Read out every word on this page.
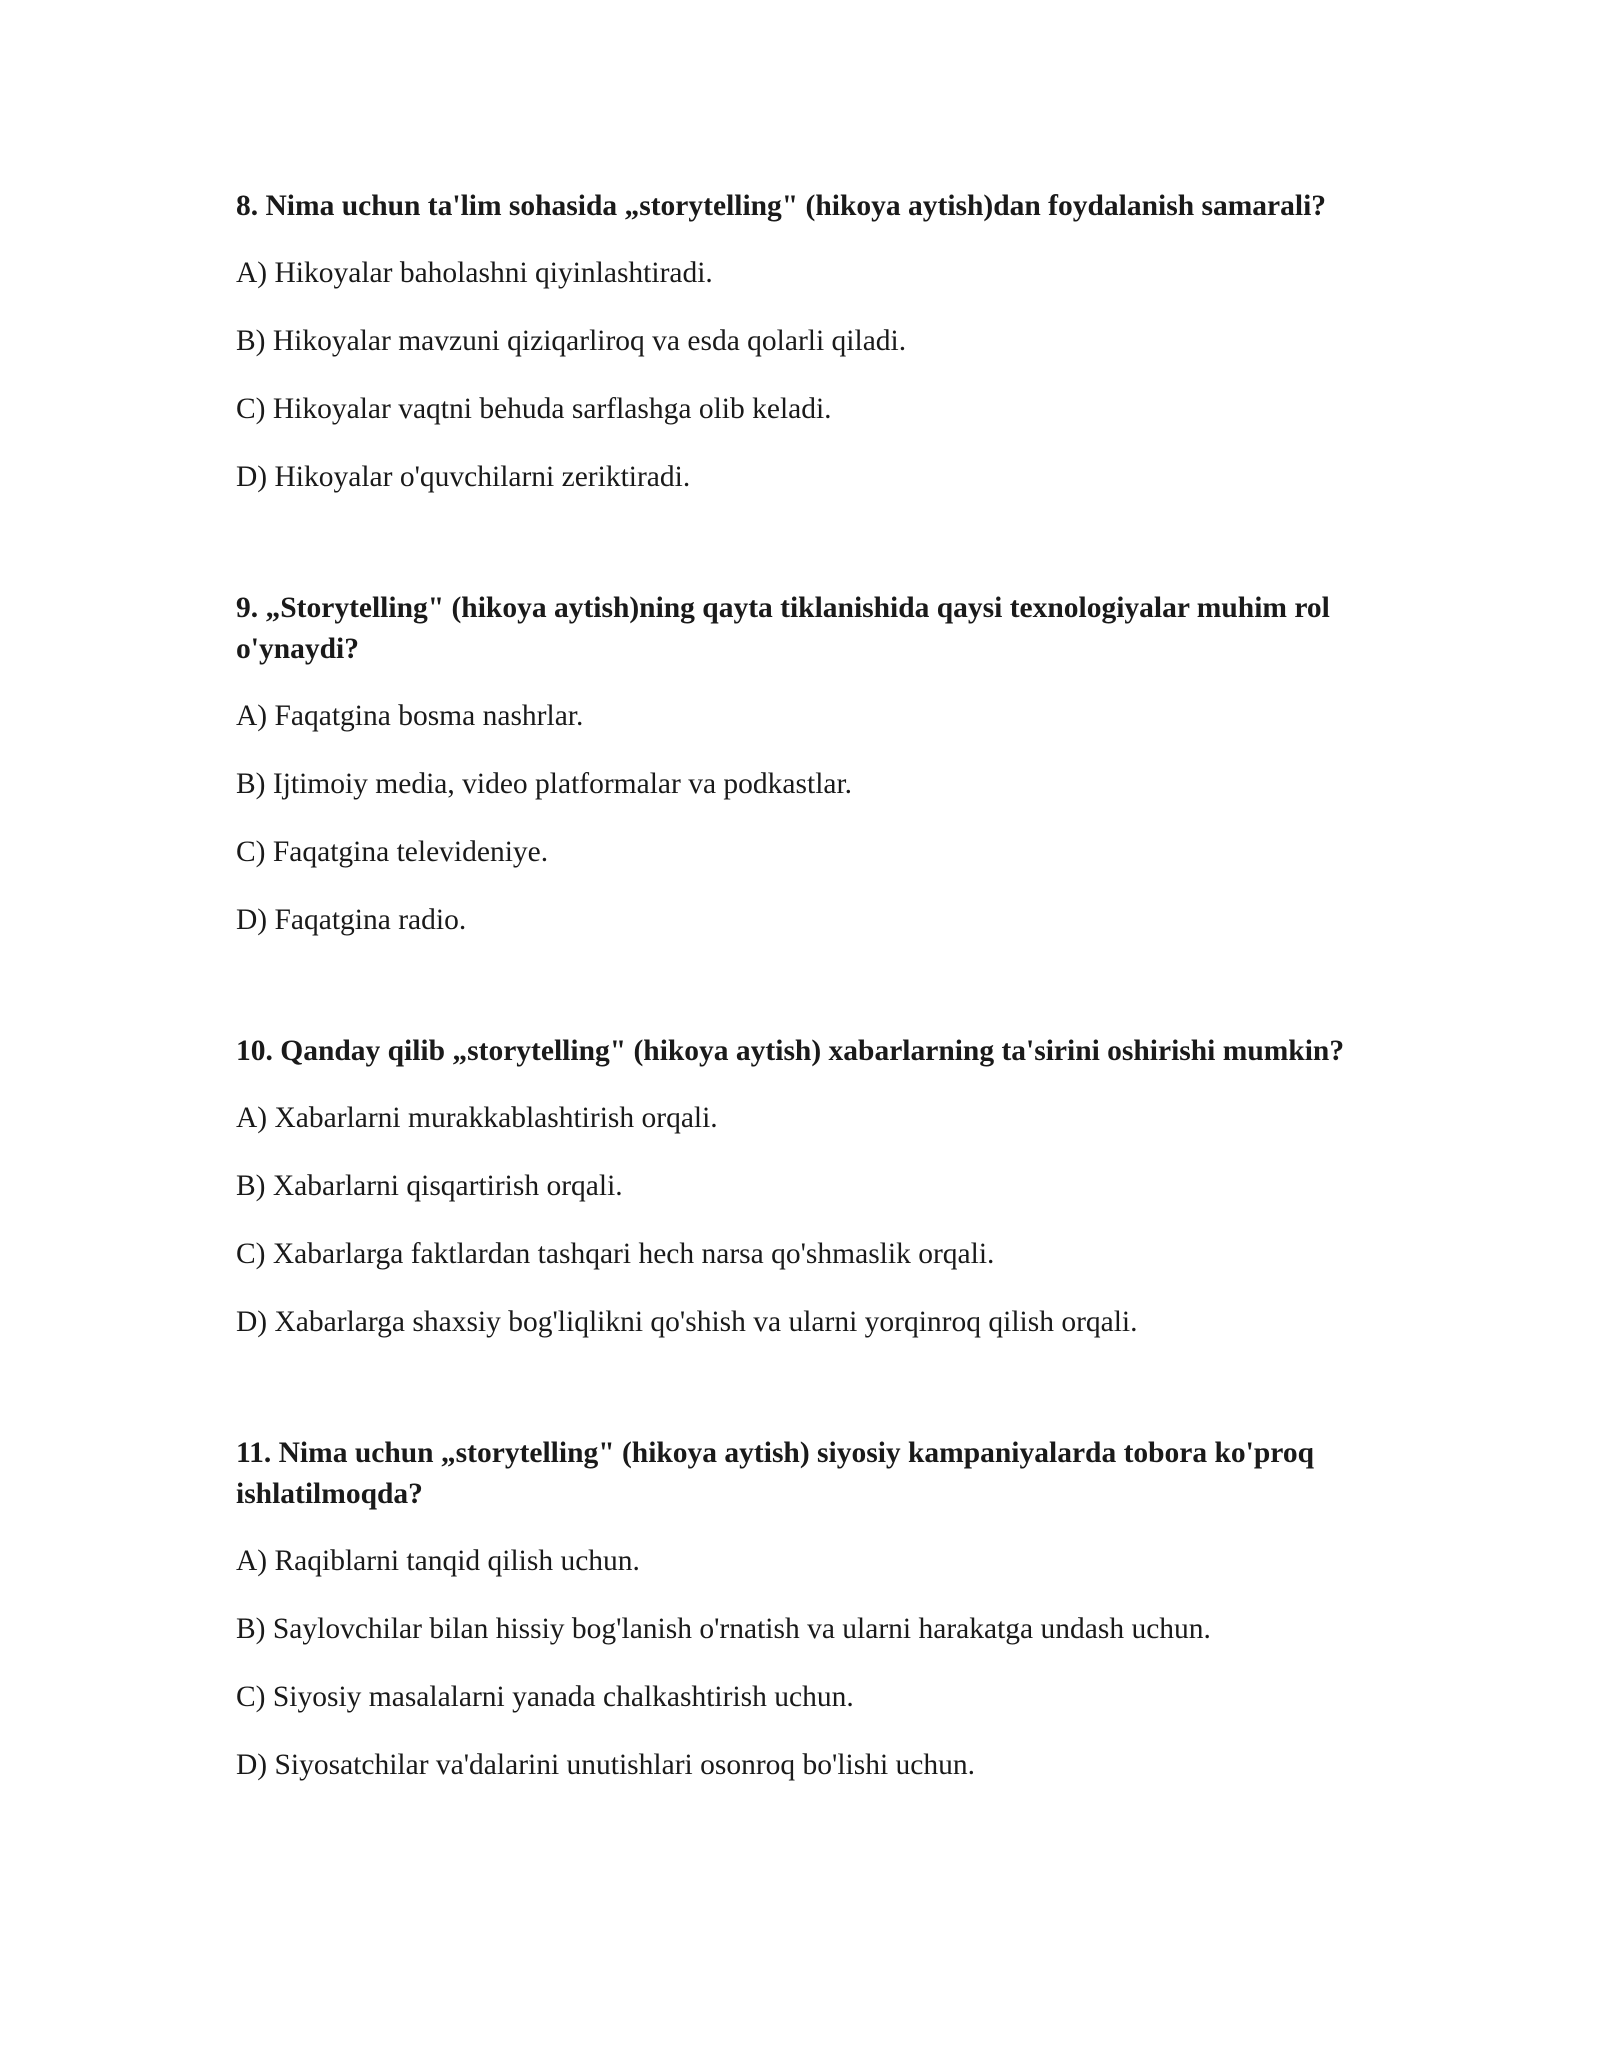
8. Nima uchun ta'lim sohasida „storytelling" (hikoya aytish)dan foydalanish samarali?

A) Hikoyalar baholashni qiyinlashtiradi.

B) Hikoyalar mavzuni qiziqarliroq va esda qolarli qiladi.

C) Hikoyalar vaqtni behuda sarflashga olib keladi.

D) Hikoyalar o'quvchilarni zeriktiradi.

9. „Storytelling" (hikoya aytish)ning qayta tiklanishida qaysi texnologiyalar muhim rol o'ynaydi?

A) Faqatgina bosma nashrlar.

B) Ijtimoiy media, video platformalar va podkastlar.

C) Faqatgina televideniye.

D) Faqatgina radio.

10. Qanday qilib „storytelling" (hikoya aytish) xabarlarning ta'sirini oshirishi mumkin?

A) Xabarlarni murakkablashtirish orqali.

B) Xabarlarni qisqartirish orqali.

C) Xabarlarga faktlardan tashqari hech narsa qo'shmaslik orqali.

D) Xabarlarga shaxsiy bog'liqlikni qo'shish va ularni yorqinroq qilish orqali.

11. Nima uchun „storytelling" (hikoya aytish) siyosiy kampaniyalarda tobora ko'proq ishlatilmoqda?

A) Raqiblarni tanqid qilish uchun.

B) Saylovchilar bilan hissiy bog'lanish o'rnatish va ularni harakatga undash uchun.

C) Siyosiy masalalarni yanada chalkashtirish uchun.

D) Siyosatchilar va'dalarini unutishlari osonroq bo'lishi uchun.
